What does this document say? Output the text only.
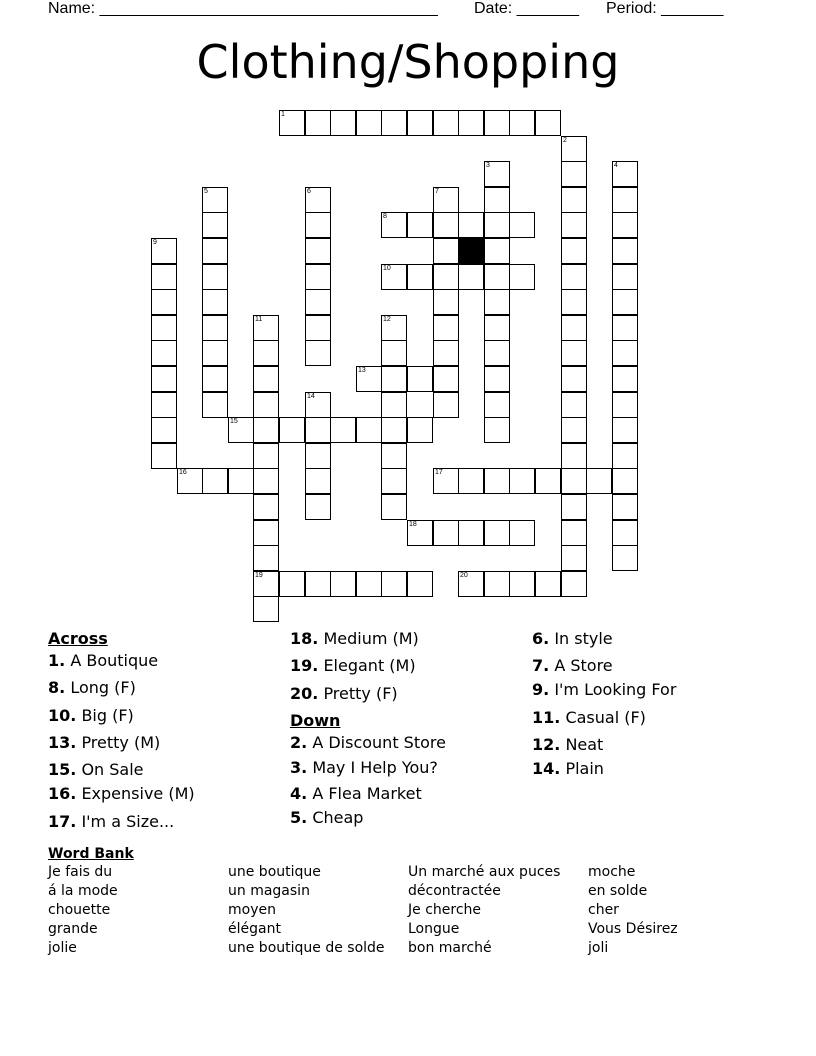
Name: ______________________________________ Date: _______ Period: _______
Clothing/Shopping
1
2
3	4
5	6	7
8
9
10
11
19
12
13
14
15
16	17
18
20
Across
1. A Boutique
8. Long (F)
10. Big (F)
13. Pretty (M)
15. On Sale
16. Expensive (M)
17. I'm a Size...
18. Medium (M)
19. Elegant (M)
20. Pretty (F)
Down
2. A Discount Store
3. May I Help You?
4. A Flea Market
5. Cheap
6. In style
7. A Store
9. I'm Looking For
11. Casual (F)
12. Neat
14. Plain
Word Bank
Je fais du
á la mode
chouette
grande
jolie
une boutique
un magasin
moyen
élégant
une boutique de solde
Un marché aux puces
décontractée
Je cherche
Longue
bon marché
moche
en solde
cher
Vous Désirez
joli
